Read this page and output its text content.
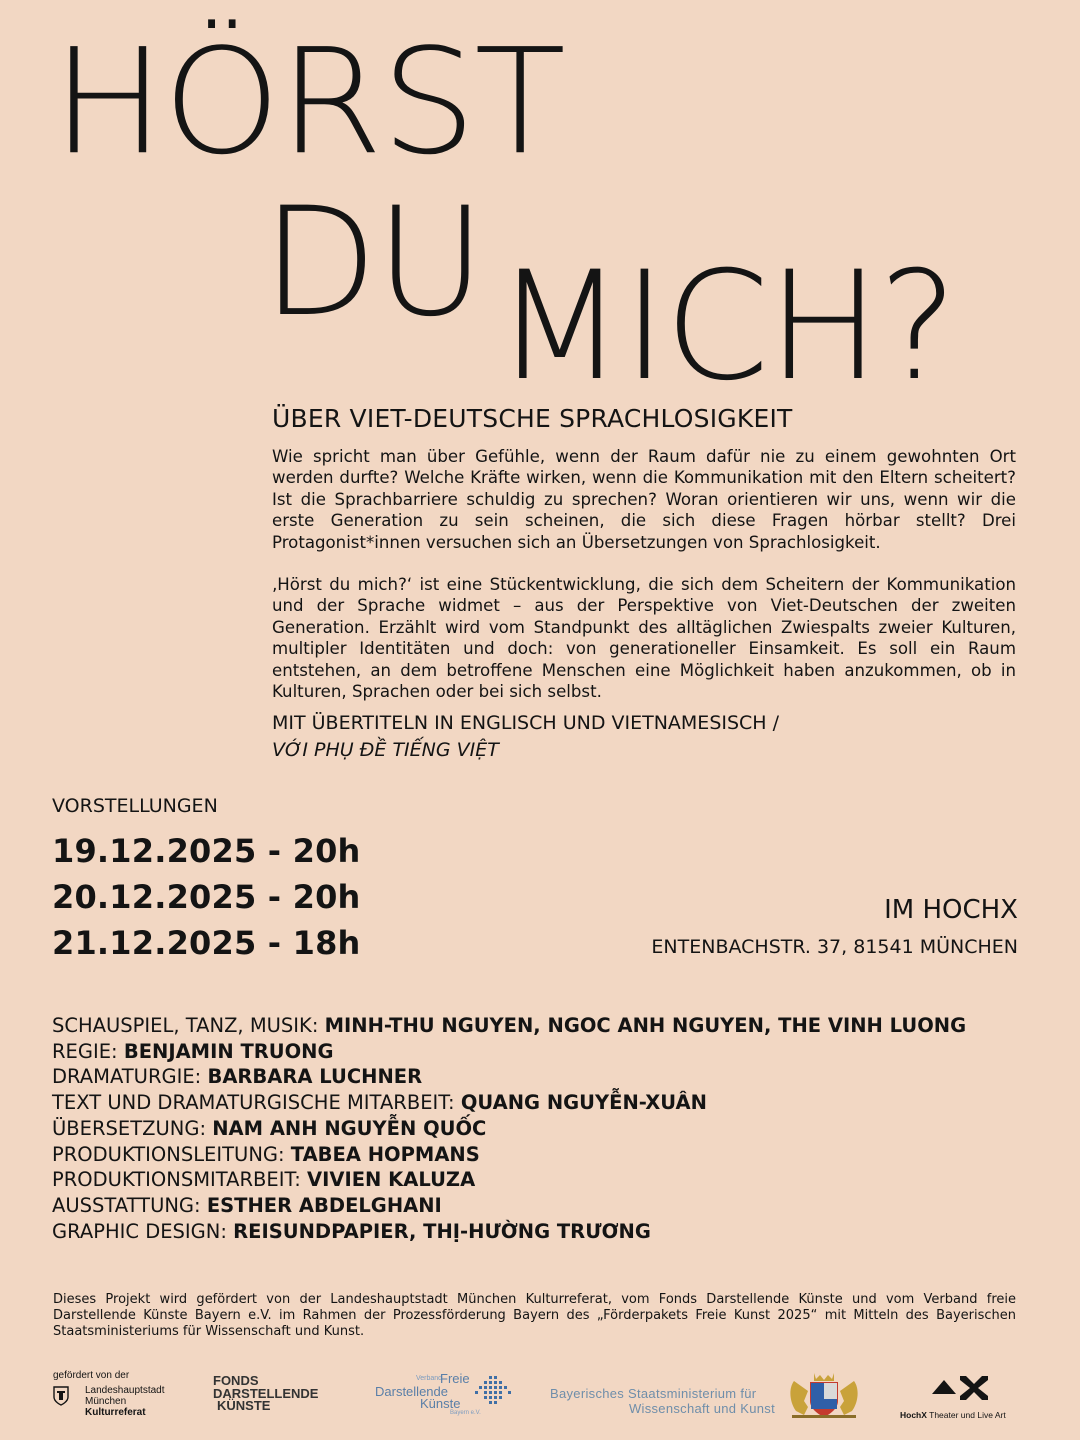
HÖRST
DU MICH?
ÜBER VIET-DEUTSCHE SPRACHLOSIGKEIT

Wie spricht man über Gefühle, wenn der Raum dafür nie zu einem gewohnten Ort werden durfte? Welche Kräfte wirken, wenn die Kommunikation mit den Eltern scheitert? Ist die Sprachbarriere schuldig zu sprechen? Woran orientieren wir uns, wenn wir die erste Generation zu sein scheinen, die sich diese Fragen hörbar stellt? Drei Protagonist*innen versuchen sich an Übersetzungen von Sprachlosigkeit.

‚Hörst du mich?‘ ist eine Stückentwicklung, die sich dem Scheitern der Kommunikation und der Sprache widmet – aus der Perspektive von Viet-Deutschen der zweiten Generation. Erzählt wird vom Standpunkt des alltäglichen Zwiespalts zweier Kulturen, multipler Identitäten und doch: von generationeller Einsamkeit. Es soll ein Raum entstehen, an dem betroffene Menschen eine Möglichkeit haben anzukommen, ob in Kulturen, Sprachen oder bei sich selbst.

MIT ÜBERTITELN IN ENGLISCH UND VIETNAMESISCH /
VỚI PHỤ ĐỀ TIẾNG VIỆT
VORSTELLUNGEN
19.12.2025 - 20h
20.12.2025 - 20h
21.12.2025 - 18h
IM HOCHX
ENTENBACHSTR. 37, 81541 MÜNCHEN
SCHAUSPIEL, TANZ, MUSIK: MINH-THU NGUYEN, NGOC ANH NGUYEN, THE VINH LUONG
REGIE: BENJAMIN TRUONG
DRAMATURGIE: BARBARA LUCHNER
TEXT UND DRAMATURGISCHE MITARBEIT: QUANG NGUYỄN-XUÂN
ÜBERSETZUNG: NAM ANH NGUYỄN QUỐC
PRODUKTIONSLEITUNG: TABEA HOPMANS
PRODUKTIONSMITARBEIT: VIVIEN KALUZA
AUSSTATTUNG: ESTHER ABDELGHANI
GRAPHIC DESIGN: REISUNDPAPIER, THỊ-HƯỜNG TRƯƠNG
Dieses Projekt wird gefördert von der Landeshauptstadt München Kulturreferat, vom Fonds Darstellende Künste und vom Verband freie Darstellende Künste Bayern e.V. im Rahmen der Prozessförderung Bayern des „Förderpakets Freie Kunst 2025“ mit Mitteln des Bayerischen Staatsministeriums für Wissenschaft und Kunst.
gefördert von der
Landeshauptstadt
München
Kulturreferat
FONDS
DARSTELLENDE
KÜNSTE
Verband
Freie
Darstellende
Künste
Bayern e.V.
Bayerisches Staatsministerium für
Wissenschaft und Kunst	HochX Theater und Live Art
